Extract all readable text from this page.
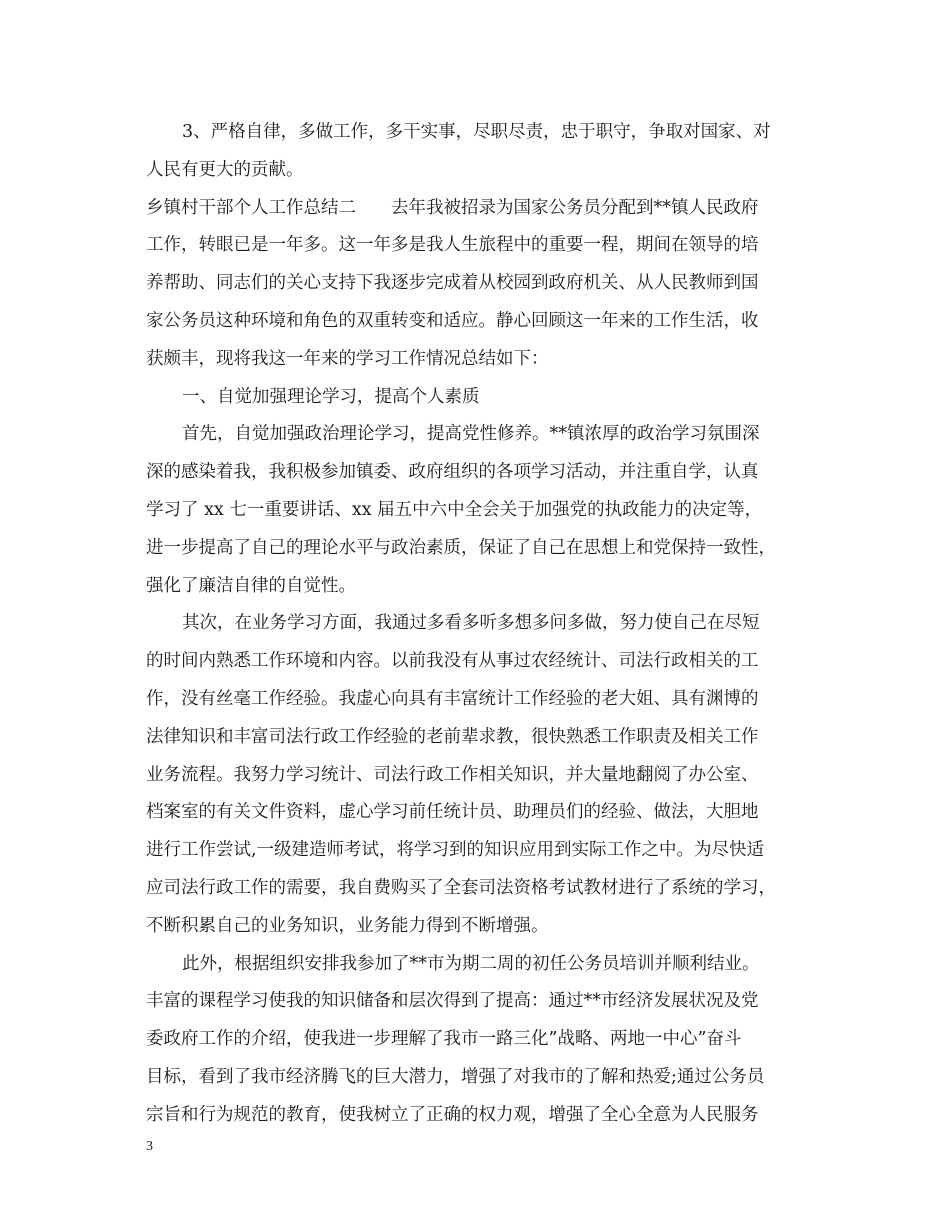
3、严格自律，多做工作，多干实事，尽职尽责，忠于职守，争取对国家、对
人民有更大的贡献。
乡镇村干部个人工作总结二　　去年我被招录为国家公务员分配到**镇人民政府
工作，转眼已是一年多。这一年多是我人生旅程中的重要一程，期间在领导的培
养帮助、同志们的关心支持下我逐步完成着从校园到政府机关、从人民教师到国
家公务员这种环境和角色的双重转变和适应。静心回顾这一年来的工作生活，收
获颇丰，现将我这一年来的学习工作情况总结如下：
一、自觉加强理论学习，提高个人素质
首先，自觉加强政治理论学习，提高党性修养。**镇浓厚的政治学习氛围深
深的感染着我，我积极参加镇委、政府组织的各项学习活动，并注重自学，认真
学习了 xx 七一重要讲话、xx 届五中六中全会关于加强党的执政能力的决定等，
进一步提高了自己的理论水平与政治素质，保证了自己在思想上和党保持一致性，
强化了廉洁自律的自觉性。
其次，在业务学习方面，我通过多看多听多想多问多做，努力使自己在尽短
的时间内熟悉工作环境和内容。以前我没有从事过农经统计、司法行政相关的工
作，没有丝毫工作经验。我虚心向具有丰富统计工作经验的老大姐、具有渊博的
法律知识和丰富司法行政工作经验的老前辈求教，很快熟悉工作职责及相关工作
业务流程。我努力学习统计、司法行政工作相关知识，并大量地翻阅了办公室、
档案室的有关文件资料，虚心学习前任统计员、助理员们的经验、做法，大胆地
进行工作尝试,一级建造师考试，将学习到的知识应用到实际工作之中。为尽快适
应司法行政工作的需要，我自费购买了全套司法资格考试教材进行了系统的学习，
不断积累自己的业务知识，业务能力得到不断增强。
此外，根据组织安排我参加了**市为期二周的初任公务员培训并顺利结业。
丰富的课程学习使我的知识储备和层次得到了提高：通过**市经济发展状况及党
委政府工作的介绍，使我进一步理解了我市一路三化”战略、两地一中心”奋斗
目标，看到了我市经济腾飞的巨大潜力，增强了对我市的了解和热爱;通过公务员
宗旨和行为规范的教育，使我树立了正确的权力观，增强了全心全意为人民服务
3
